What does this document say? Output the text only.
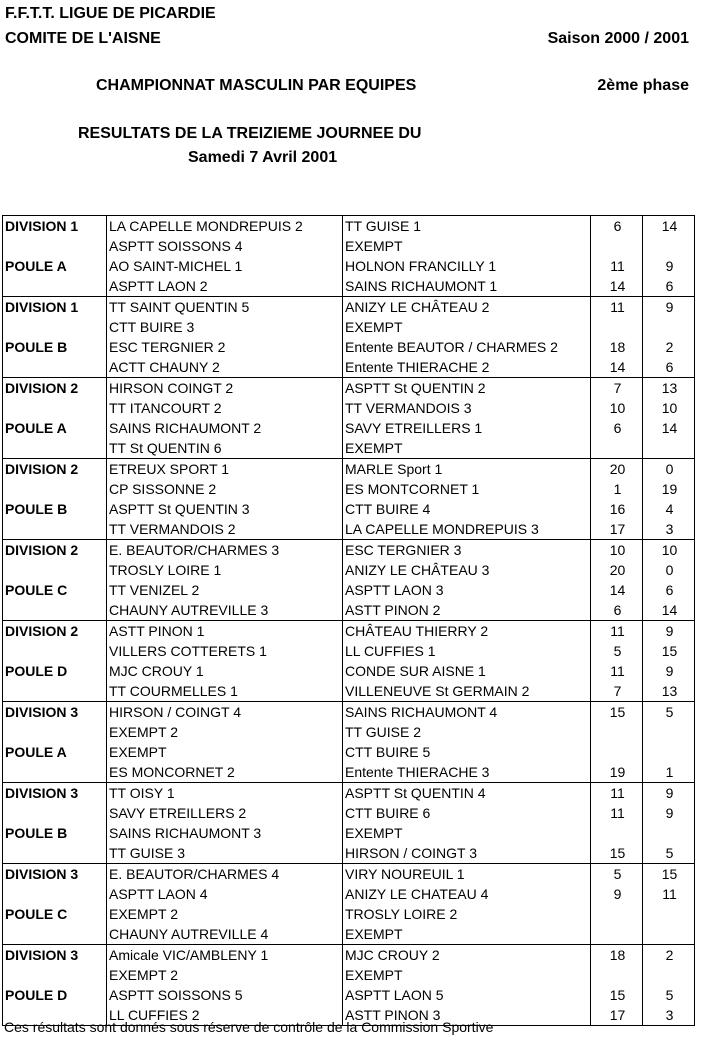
F.F.T.T. LIGUE DE PICARDIE
COMITE DE L'AISNE	Saison 2000 / 2001
CHAMPIONNAT MASCULIN PAR EQUIPES	2ème phase
RESULTATS DE LA TREIZIEME JOURNEE DU
Samedi 7 Avril 2001
DIVISION 1	LA CAPELLE MONDREPUIS 2	TT GUISE 1	6	14
	ASPTT SOISSONS 4	EXEMPT		
POULE A	AO SAINT-MICHEL 1	HOLNON FRANCILLY 1	11	9
	ASPTT LAON 2	SAINS RICHAUMONT 1	14	6
DIVISION 1	TT SAINT QUENTIN 5	ANIZY LE CHÂTEAU 2	11	9
	CTT BUIRE 3	EXEMPT		
POULE B	ESC TERGNIER 2	Entente BEAUTOR / CHARMES 2	18	2
	ACTT CHAUNY 2	Entente THIERACHE 2	14	6
DIVISION 2	HIRSON COINGT 2	ASPTT St QUENTIN 2	7	13
	TT ITANCOURT 2	TT VERMANDOIS 3	10	10
POULE A	SAINS RICHAUMONT 2	SAVY ETREILLERS 1	6	14
	TT St QUENTIN 6	EXEMPT		
DIVISION 2	ETREUX SPORT 1	MARLE Sport 1	20	0
	CP SISSONNE 2	ES MONTCORNET 1	1	19
POULE B	ASPTT St QUENTIN 3	CTT BUIRE 4	16	4
	TT VERMANDOIS 2	LA CAPELLE MONDREPUIS 3	17	3
DIVISION 2	E. BEAUTOR/CHARMES 3	ESC TERGNIER 3	10	10
	TROSLY LOIRE 1	ANIZY LE CHÂTEAU 3	20	0
POULE C	TT VENIZEL 2	ASPTT LAON 3	14	6
	CHAUNY AUTREVILLE 3	ASTT PINON 2	6	14
DIVISION 2	ASTT PINON 1	CHÂTEAU THIERRY 2	11	9
	VILLERS COTTERETS 1	LL CUFFIES 1	5	15
POULE D	MJC CROUY 1	CONDE SUR AISNE 1	11	9
	TT COURMELLES 1	VILLENEUVE St GERMAIN 2	7	13
DIVISION 3	HIRSON / COINGT 4	SAINS RICHAUMONT 4	15	5
	EXEMPT 2	TT GUISE 2		
POULE A	EXEMPT	CTT BUIRE 5		
	ES MONCORNET 2	Entente THIERACHE 3	19	1
DIVISION 3	TT OISY 1	ASPTT St QUENTIN 4	11	9
	SAVY ETREILLERS 2	CTT BUIRE 6	11	9
POULE B	SAINS RICHAUMONT 3	EXEMPT		
	TT GUISE 3	HIRSON / COINGT 3	15	5
DIVISION 3	E. BEAUTOR/CHARMES 4	VIRY NOUREUIL 1	5	15
	ASPTT LAON 4	ANIZY LE CHATEAU 4	9	11
POULE C	EXEMPT 2	TROSLY LOIRE 2		
	CHAUNY AUTREVILLE 4	EXEMPT		
DIVISION 3	Amicale VIC/AMBLENY 1	MJC CROUY 2	18	2
	EXEMPT 2	EXEMPT		
POULE D	ASPTT SOISSONS 5	ASPTT LAON 5	15	5
	LL CUFFIES 2	ASTT PINON 3	17	3
Ces résultats sont donnés sous réserve de contrôle de la Commission Sportive
